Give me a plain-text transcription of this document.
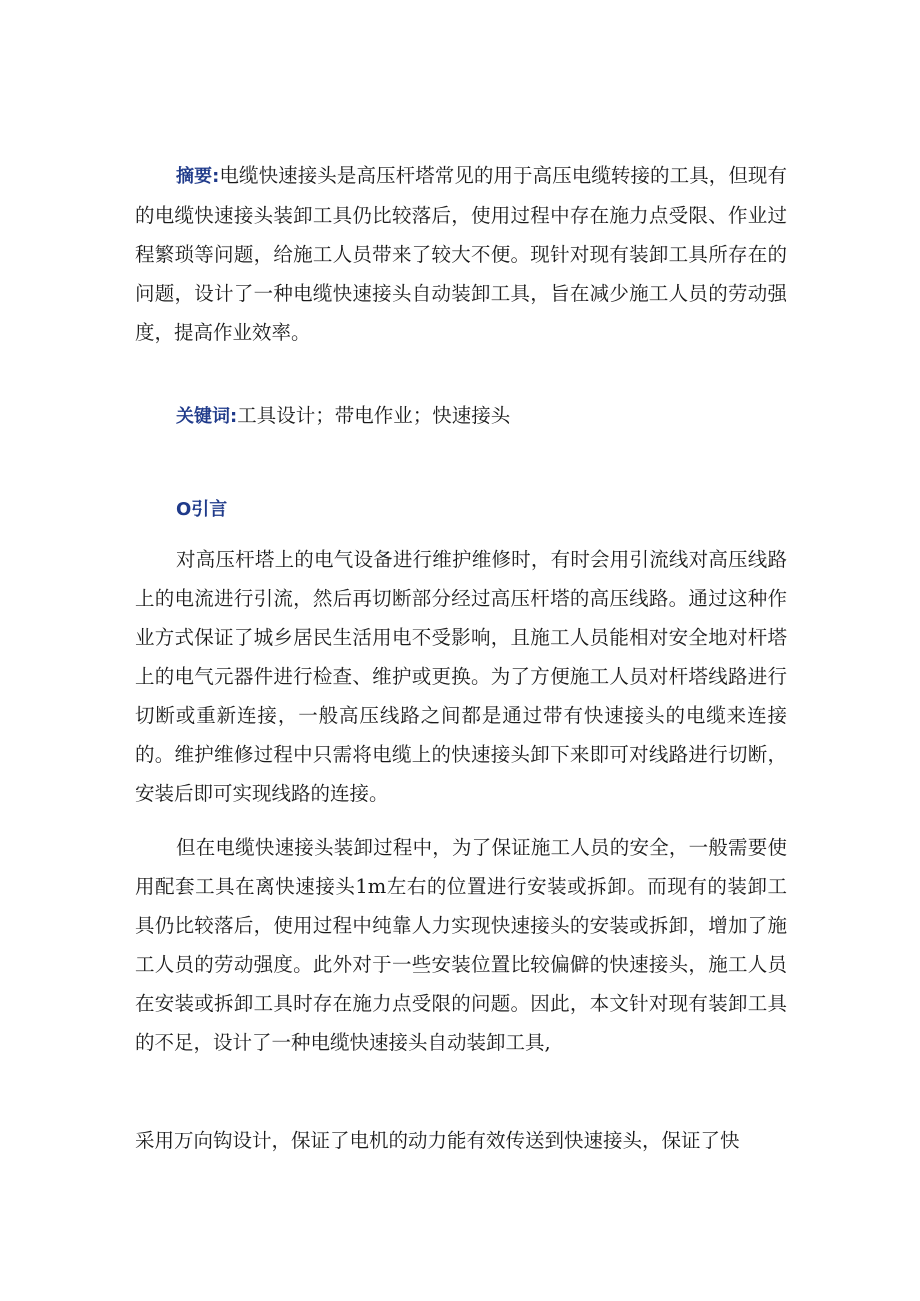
摘要:电缆快速接头是高压杆塔常见的用于高压电缆转接的工具，但现有的电缆快速接头装卸工具仍比较落后，使用过程中存在施力点受限、作业过程繁琐等问题，给施工人员带来了较大不便。现针对现有装卸工具所存在的问题，设计了一种电缆快速接头自动装卸工具，旨在减少施工人员的劳动强度，提高作业效率。

关键词:工具设计；带电作业；快速接头

O引言

对高压杆塔上的电气设备进行维护维修时，有时会用引流线对高压线路上的电流进行引流，然后再切断部分经过高压杆塔的高压线路。通过这种作业方式保证了城乡居民生活用电不受影响，且施工人员能相对安全地对杆塔上的电气元器件进行检查、维护或更换。为了方便施工人员对杆塔线路进行切断或重新连接，一般高压线路之间都是通过带有快速接头的电缆来连接的。维护维修过程中只需将电缆上的快速接头卸下来即可对线路进行切断，安装后即可实现线路的连接。

但在电缆快速接头装卸过程中，为了保证施工人员的安全，一般需要使用配套工具在离快速接头1m左右的位置进行安装或拆卸。而现有的装卸工具仍比较落后，使用过程中纯靠人力实现快速接头的安装或拆卸，增加了施工人员的劳动强度。此外对于一些安装位置比较偏僻的快速接头，施工人员在安装或拆卸工具时存在施力点受限的问题。因此，本文针对现有装卸工具的不足，设计了一种电缆快速接头自动装卸工具,

采用万向钩设计，保证了电机的动力能有效传送到快速接头，保证了快
